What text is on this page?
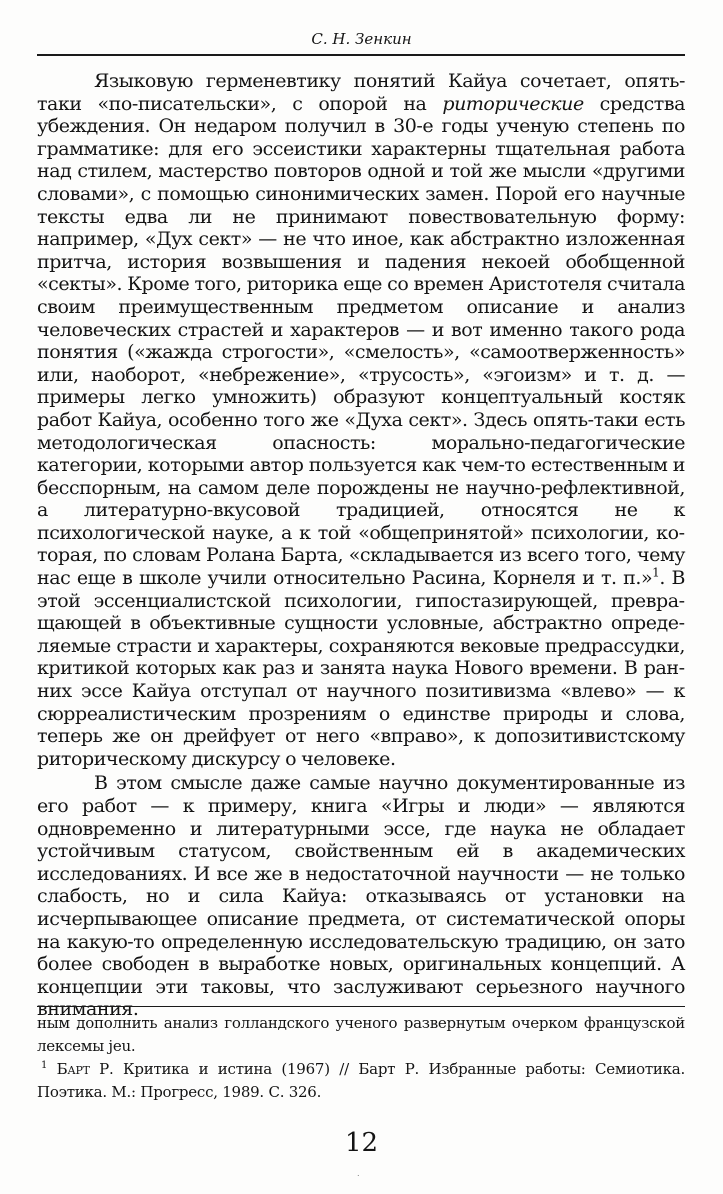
С. Н. Зенкин

Языковую герменевтику понятий Кайуа сочетает, опять-таки «по-писательски», с опорой на риторические средства убеждения. Он недаром получил в 30-е годы ученую степень по грамматике: для его эссеистики характерны тщательная работа над стилем, мастерство повторов одной и той же мысли «другими словами», с помощью синонимических замен. Порой его научные тексты едва ли не принимают повествовательную форму: например, «Дух сект» — не что иное, как абстрактно изложенная притча, история возвышения и падения некоей обобщенной «секты». Кроме того, риторика еще со времен Аристотеля считала своим преимущественным предметом описание и анализ человеческих страстей и характеров — и вот именно такого рода понятия («жажда строгости», «смелость», «самоотверженность» или, наоборот, «небрежение», «трусость», «эгоизм» и т. д. — примеры легко умножить) образуют концептуальный костяк работ Кайуа, особенно того же «Духа сект». Здесь опять-таки есть методологическая опасность: морально-педагогические категории, которыми автор пользуется как чем-то естественным и бесспорным, на самом деле порождены не научно-рефлективной, а литературно-вкусовой традицией, относятся не к психологической науке, а к той «общепринятой» психологии, которая, по словам Ролана Барта, «складывается из всего того, чему нас еще в школе учили относительно Расина, Корнеля и т. п.»$^1$. В этой эссенциалистской психологии, гипостазирующей, превращающей в объективные сущности условные, абстрактно определяемые страсти и характеры, сохраняются вековые предрассудки, критикой которых как раз и занята наука Нового времени. В ранних эссе Кайуа отступал от научного позитивизма «влево» — к сюрреалистическим прозрениям о единстве природы и слова, теперь же он дрейфует от него «вправо», к допозитивистскому риторическому дискурсу о человеке.

В этом смысле даже самые научно документированные из его работ — к примеру, книга «Игры и люди» — являются одновременно и литературными эссе, где наука не обладает устойчивым статусом, свойственным ей в академических исследованиях. И все же в недостаточной научности — не только слабость, но и сила Кайуа: отказываясь от установки на исчерпывающее описание предмета, от систематической опоры на какую-то определенную исследовательскую традицию, он зато более свободен в выработке новых, оригинальных концепций. А концепции эти таковы, что заслуживают серьезного научного внимания.

ным дополнить анализ голландского ученого развернутым очерком французской лексемы jeu.

$^1$ Барт Р. Критика и истина (1967) // Барт Р. Избранные работы: Семиотика. Поэтика. М.: Прогресс, 1989. С. 326.

12
.
